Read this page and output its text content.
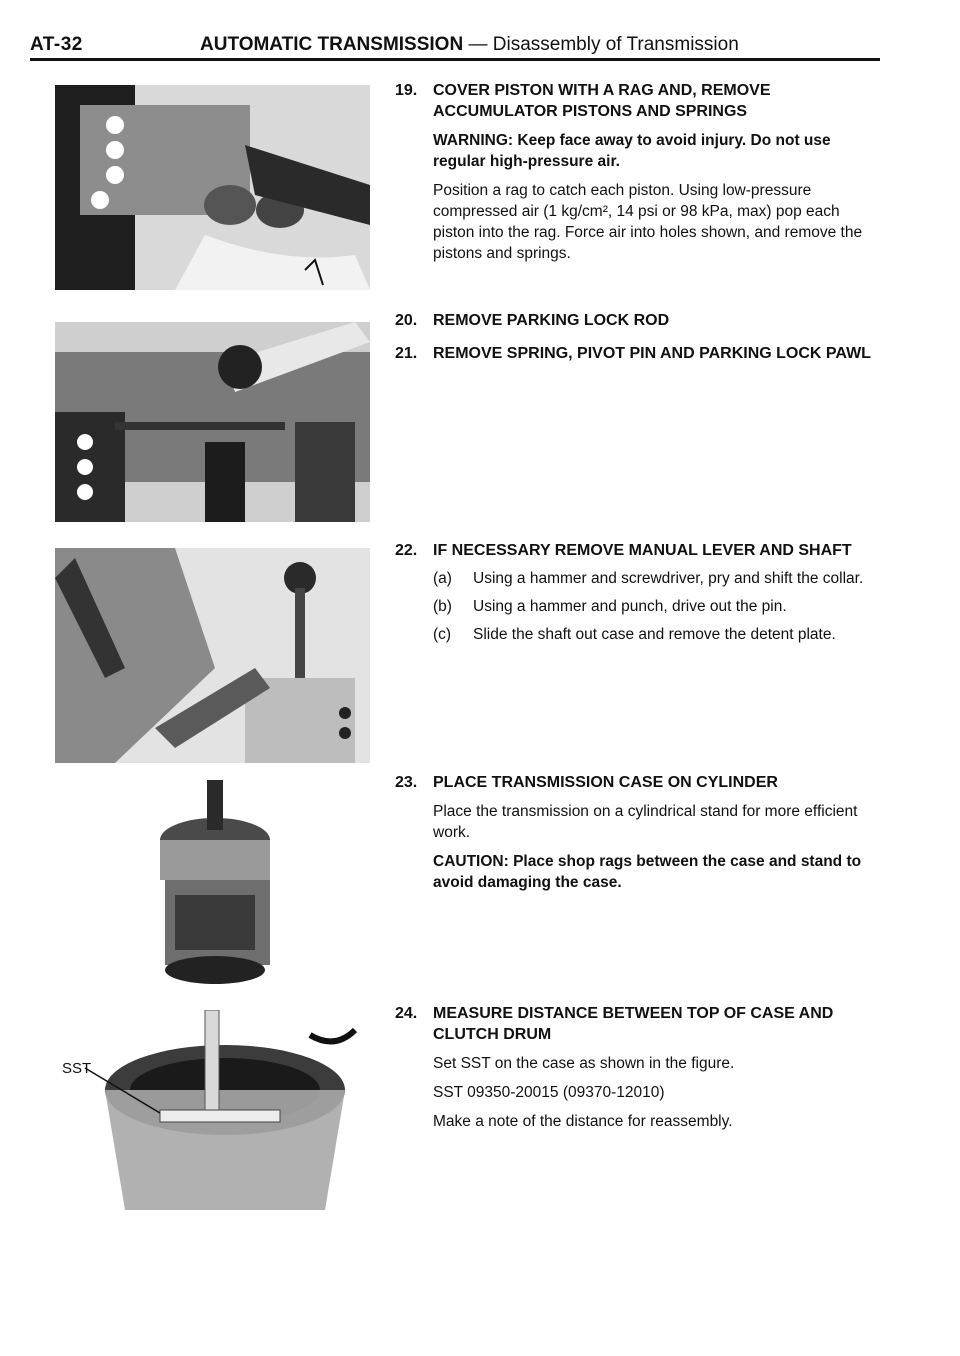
AT-32	AUTOMATIC TRANSMISSION — Disassembly of Transmission
SST
19. COVER PISTON WITH A RAG AND, REMOVE ACCUMULATOR PISTONS AND SPRINGS
WARNING: Keep face away to avoid injury. Do not use regular high-pressure air.
Position a rag to catch each piston. Using low-pressure compressed air (1 kg/cm², 14 psi or 98 kPa, max) pop each piston into the rag. Force air into holes shown, and remove the pistons and springs.
20. REMOVE PARKING LOCK ROD
21. REMOVE SPRING, PIVOT PIN AND PARKING LOCK PAWL
22. IF NECESSARY REMOVE MANUAL LEVER AND SHAFT
(a)	Using a hammer and screwdriver, pry and shift the collar.
(b)	Using a hammer and punch, drive out the pin.
(c)	Slide the shaft out case and remove the detent plate.
23. PLACE TRANSMISSION CASE ON CYLINDER
Place the transmission on a cylindrical stand for more efficient work.
CAUTION: Place shop rags between the case and stand to avoid damaging the case.
24. MEASURE DISTANCE BETWEEN TOP OF CASE AND CLUTCH DRUM
Set SST on the case as shown in the figure.
SST 09350-20015 (09370-12010)
Make a note of the distance for reassembly.
